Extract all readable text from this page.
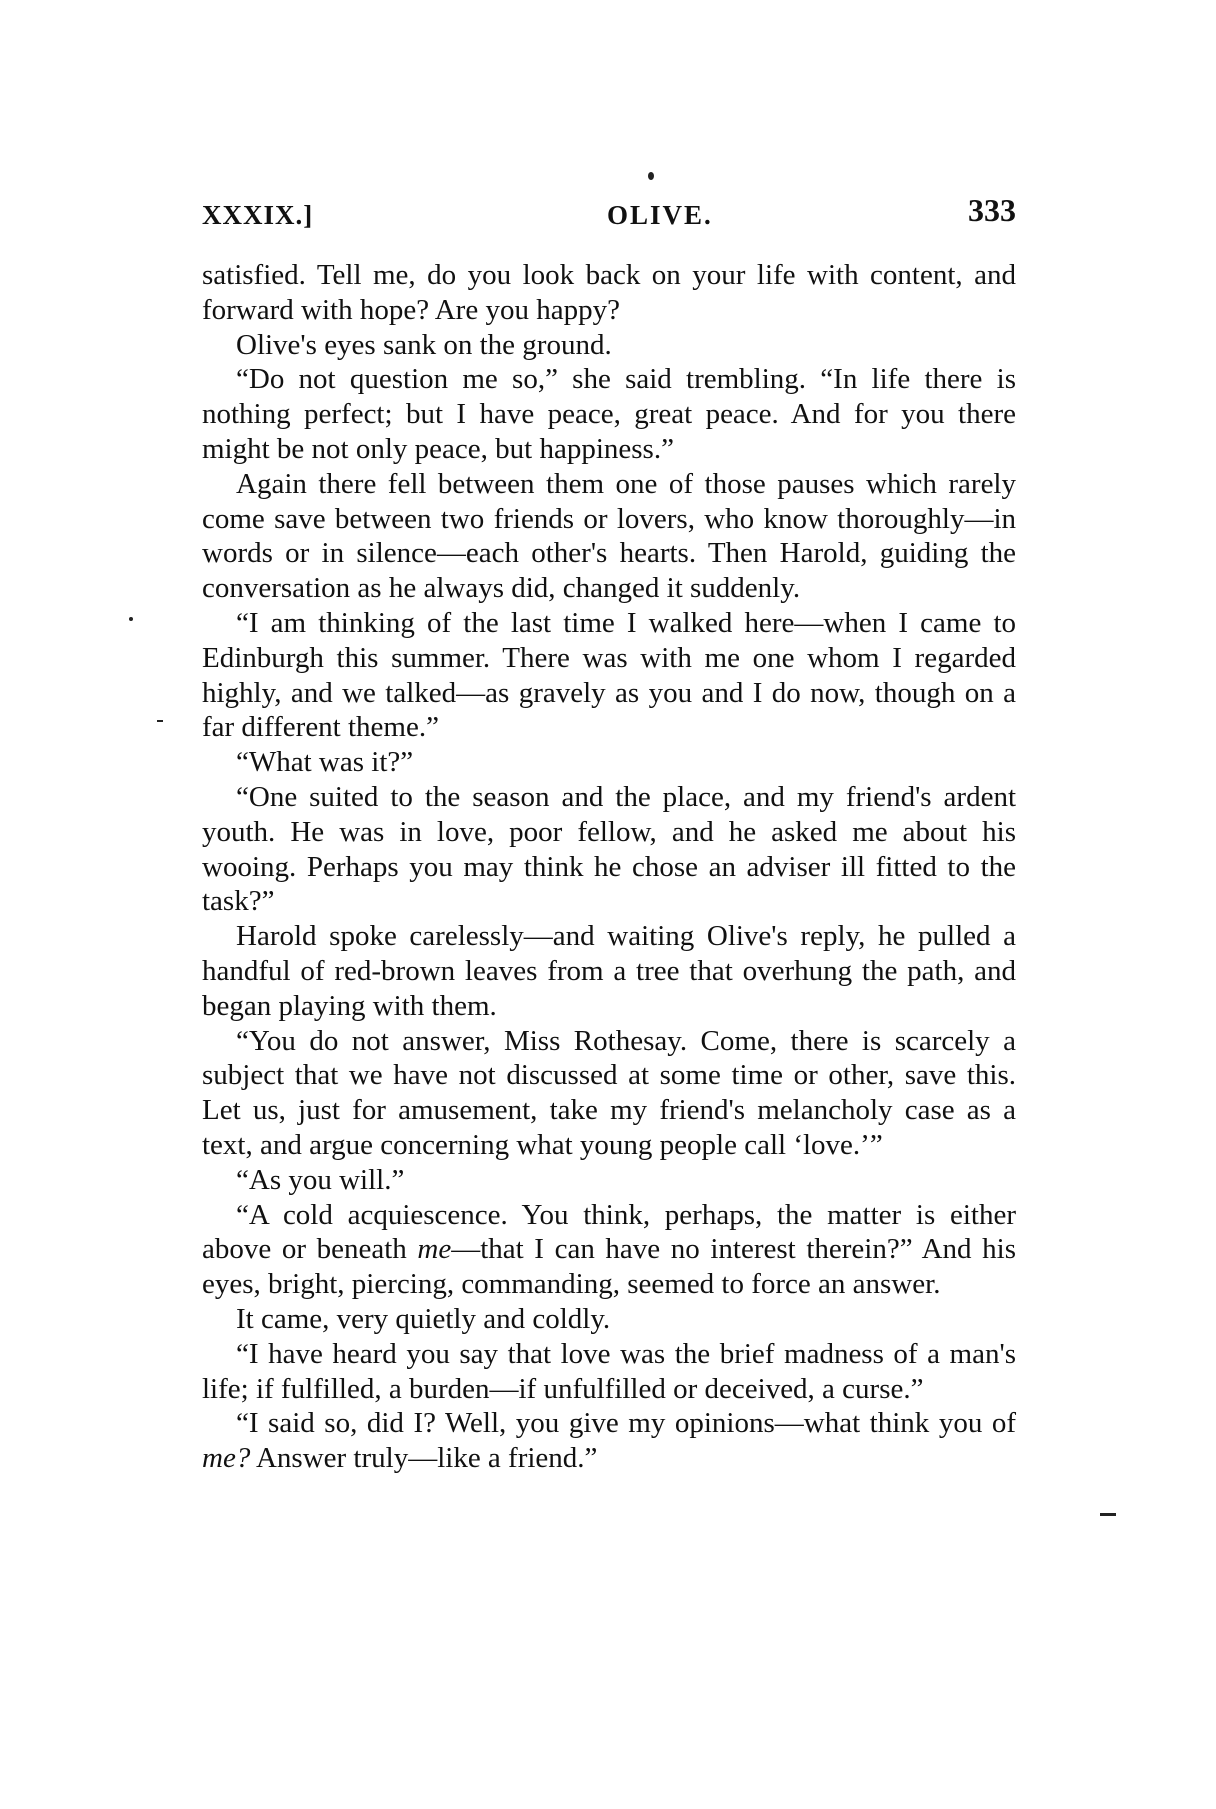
XXXIX.]	OLIVE.	333

satisfied. Tell me, do you look back on your life with content, and forward with hope? Are you happy?

Olive's eyes sank on the ground.

“Do not question me so,” she said trembling. “In life there is nothing perfect; but I have peace, great peace. And for you there might be not only peace, but happiness.”

Again there fell between them one of those pauses which rarely come save between two friends or lovers, who know thoroughly—in words or in silence—each other's hearts. Then Harold, guiding the conversation as he always did, changed it suddenly.

“I am thinking of the last time I walked here—when I came to Edinburgh this summer. There was with me one whom I regarded highly, and we talked—as gravely as you and I do now, though on a far different theme.”

“What was it?”

“One suited to the season and the place, and my friend's ardent youth. He was in love, poor fellow, and he asked me about his wooing. Perhaps you may think he chose an adviser ill fitted to the task?”

Harold spoke carelessly—and waiting Olive's reply, he pulled a handful of red-brown leaves from a tree that overhung the path, and began playing with them.

“You do not answer, Miss Rothesay. Come, there is scarcely a subject that we have not discussed at some time or other, save this. Let us, just for amusement, take my friend's melancholy case as a text, and argue concerning what young people call ‘love.’”

“As you will.”

“A cold acquiescence. You think, perhaps, the matter is either above or beneath me—that I can have no interest therein?” And his eyes, bright, piercing, commanding, seemed to force an answer.

It came, very quietly and coldly.

“I have heard you say that love was the brief madness of a man's life; if fulfilled, a burden—if unfulfilled or deceived, a curse.”

“I said so, did I? Well, you give my opinions—what think you of me? Answer truly—like a friend.”
